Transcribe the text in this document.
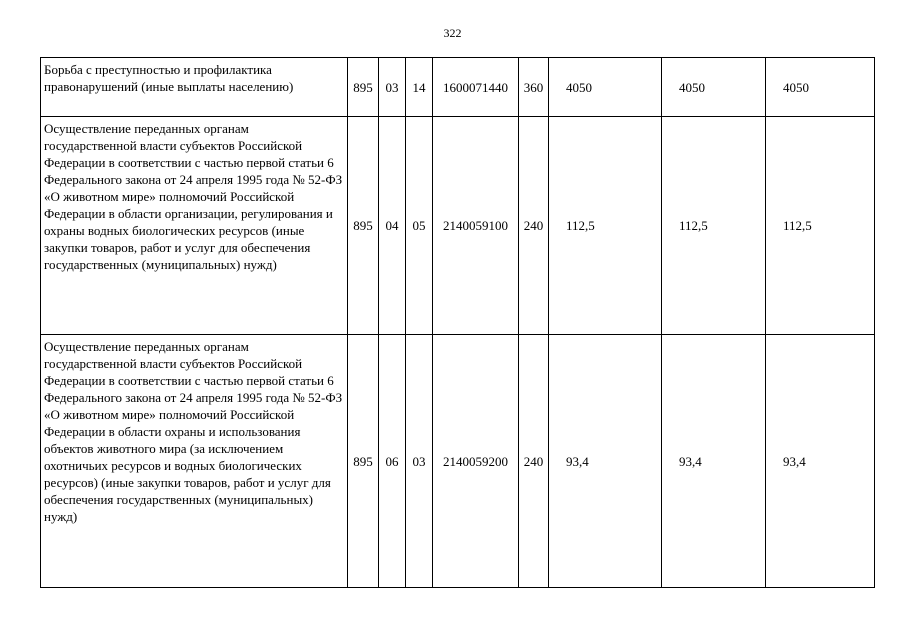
322
Борьба с преступностью и профилактика правонарушений (иные выплаты населению)	895	03	14	1600071440	360	4050	4050	4050
Осуществление переданных органам государственной власти субъектов Российской Федерации в соответствии с частью первой статьи 6 Федерального закона от 24 апреля 1995 года № 52-ФЗ «О животном мире» полномочий Российской Федерации в области организации, регулирования и охраны водных биологических ресурсов (иные закупки товаров, работ и услуг для обеспечения государственных (муниципальных) нужд)	895	04	05	2140059100	240	112,5	112,5	112,5
Осуществление переданных органам государственной власти субъектов Российской Федерации в соответствии с частью первой статьи 6 Федерального закона от 24 апреля 1995 года № 52-ФЗ «О животном мире» полномочий Российской Федерации в области охраны и использования объектов животного мира (за исключением охотничьих ресурсов и водных биологических ресурсов) (иные закупки товаров, работ и услуг для обеспечения государственных (муниципальных) нужд)	895	06	03	2140059200	240	93,4	93,4	93,4
